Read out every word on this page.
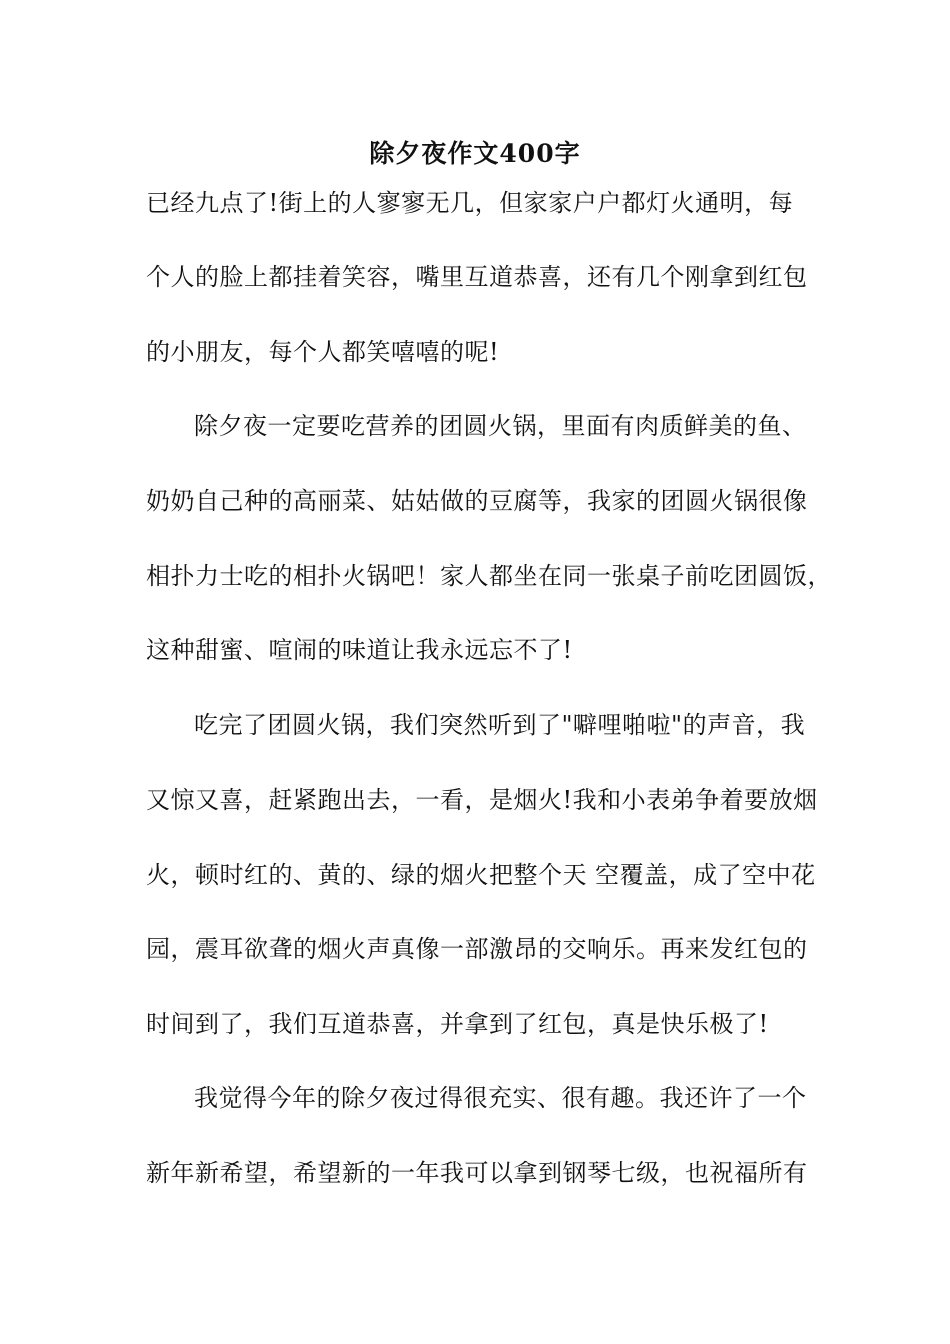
除夕夜作文400字
已经九点了!街上的人寥寥无几，但家家户户都灯火通明，每
个人的脸上都挂着笑容，嘴里互道恭喜，还有几个刚拿到红包
的小朋友，每个人都笑嘻嘻的呢!
除夕夜一定要吃营养的团圆火锅，里面有肉质鲜美的鱼、
奶奶自己种的高丽菜、姑姑做的豆腐等，我家的团圆火锅很像
相扑力士吃的相扑火锅吧！家人都坐在同一张桌子前吃团圆饭，
这种甜蜜、喧闹的味道让我永远忘不了!
吃完了团圆火锅，我们突然听到了"噼哩啪啦"的声音，我
又惊又喜，赶紧跑出去，一看，是烟火!我和小表弟争着要放烟
火，顿时红的、黄的、绿的烟火把整个天 空覆盖，成了空中花
园，震耳欲聋的烟火声真像一部激昂的交响乐。再来发红包的
时间到了，我们互道恭喜，并拿到了红包，真是快乐极了!
我觉得今年的除夕夜过得很充实、很有趣。我还许了一个
新年新希望，希望新的一年我可以拿到钢琴七级，也祝福所有
